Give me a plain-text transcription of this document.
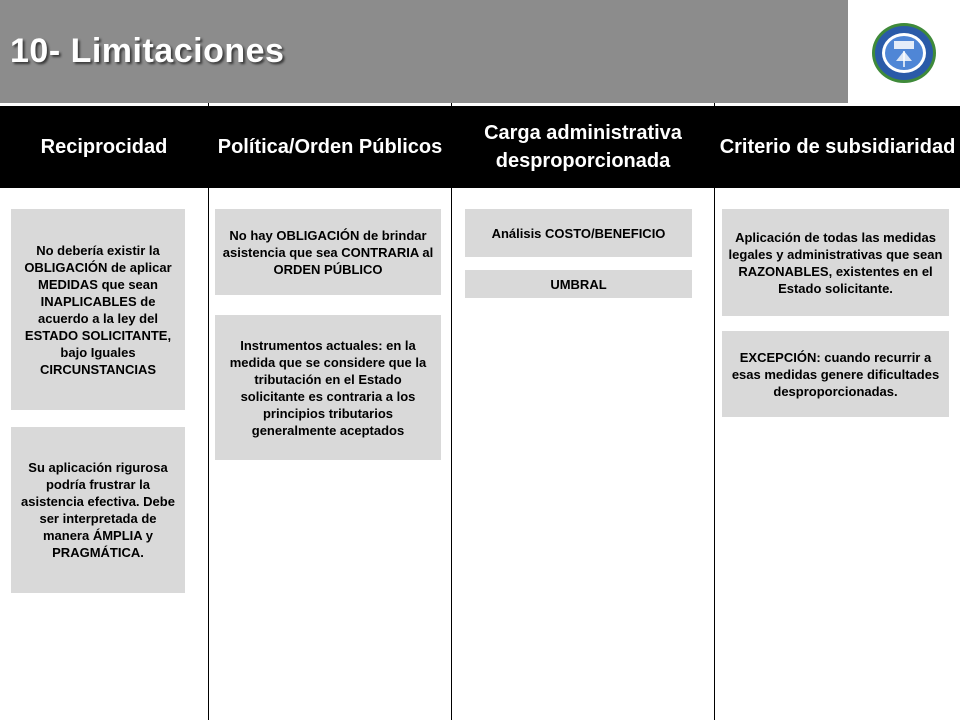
10- Limitaciones
Reciprocidad	Política/Orden Públicos
Carga administrativa desproporcionada
Criterio de subsidiaridad
No debería existir la OBLIGACIÓN de aplicar MEDIDAS que sean INAPLICABLES de acuerdo a la ley del ESTADO SOLICITANTE, bajo Iguales CIRCUNSTANCIAS
Su aplicación rigurosa podría frustrar la asistencia efectiva. Debe ser interpretada de manera ÁMPLIA y PRAGMÁTICA.
No hay OBLIGACIÓN de brindar asistencia que sea CONTRARIA al ORDEN PÚBLICO
Instrumentos actuales: en la medida que se considere que la tributación en el Estado solicitante es contraria a los principios tributarios generalmente aceptados
Análisis COSTO/BENEFICIO
UMBRAL
Aplicación de todas las medidas legales y administrativas que sean RAZONABLES, existentes en el Estado solicitante.
EXCEPCIÓN: cuando recurrir a esas medidas genere dificultades desproporcionadas.
